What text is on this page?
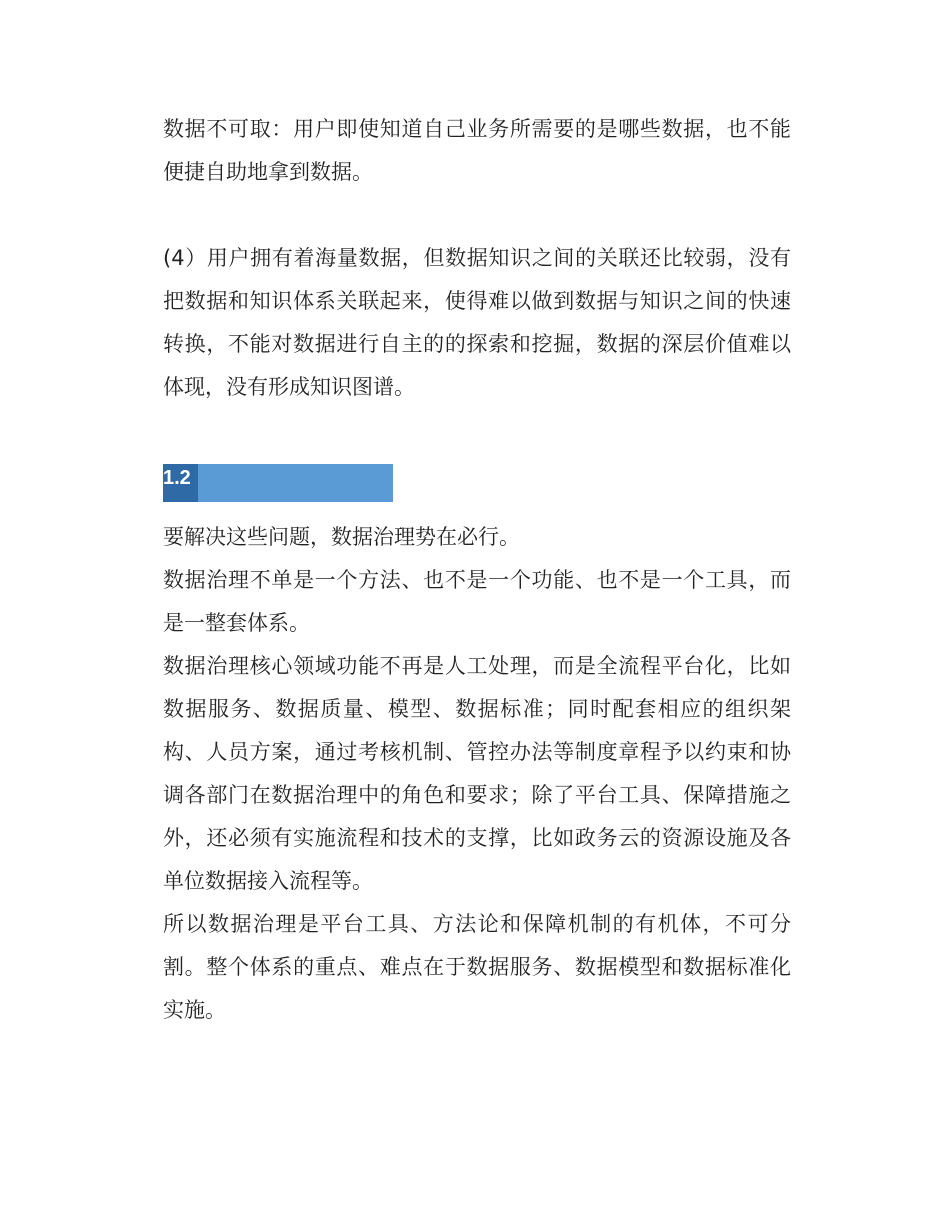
数据不可取：用户即使知道自己业务所需要的是哪些数据，也不能便捷自助地拿到数据。

(4）用户拥有着海量数据，但数据知识之间的关联还比较弱，没有把数据和知识体系关联起来，使得难以做到数据与知识之间的快速转换，不能对数据进行自主的的探索和挖掘，数据的深层价值难以体现，没有形成知识图谱。

1.2

要解决这些问题，数据治理势在必行。

数据治理不单是一个方法、也不是一个功能、也不是一个工具，而是一整套体系。

数据治理核心领域功能不再是人工处理，而是全流程平台化，比如数据服务、数据质量、模型、数据标准；同时配套相应的组织架构、人员方案，通过考核机制、管控办法等制度章程予以约束和协调各部门在数据治理中的角色和要求；除了平台工具、保障措施之外，还必须有实施流程和技术的支撑，比如政务云的资源设施及各单位数据接入流程等。

所以数据治理是平台工具、方法论和保障机制的有机体，不可分割。整个体系的重点、难点在于数据服务、数据模型和数据标准化实施。
